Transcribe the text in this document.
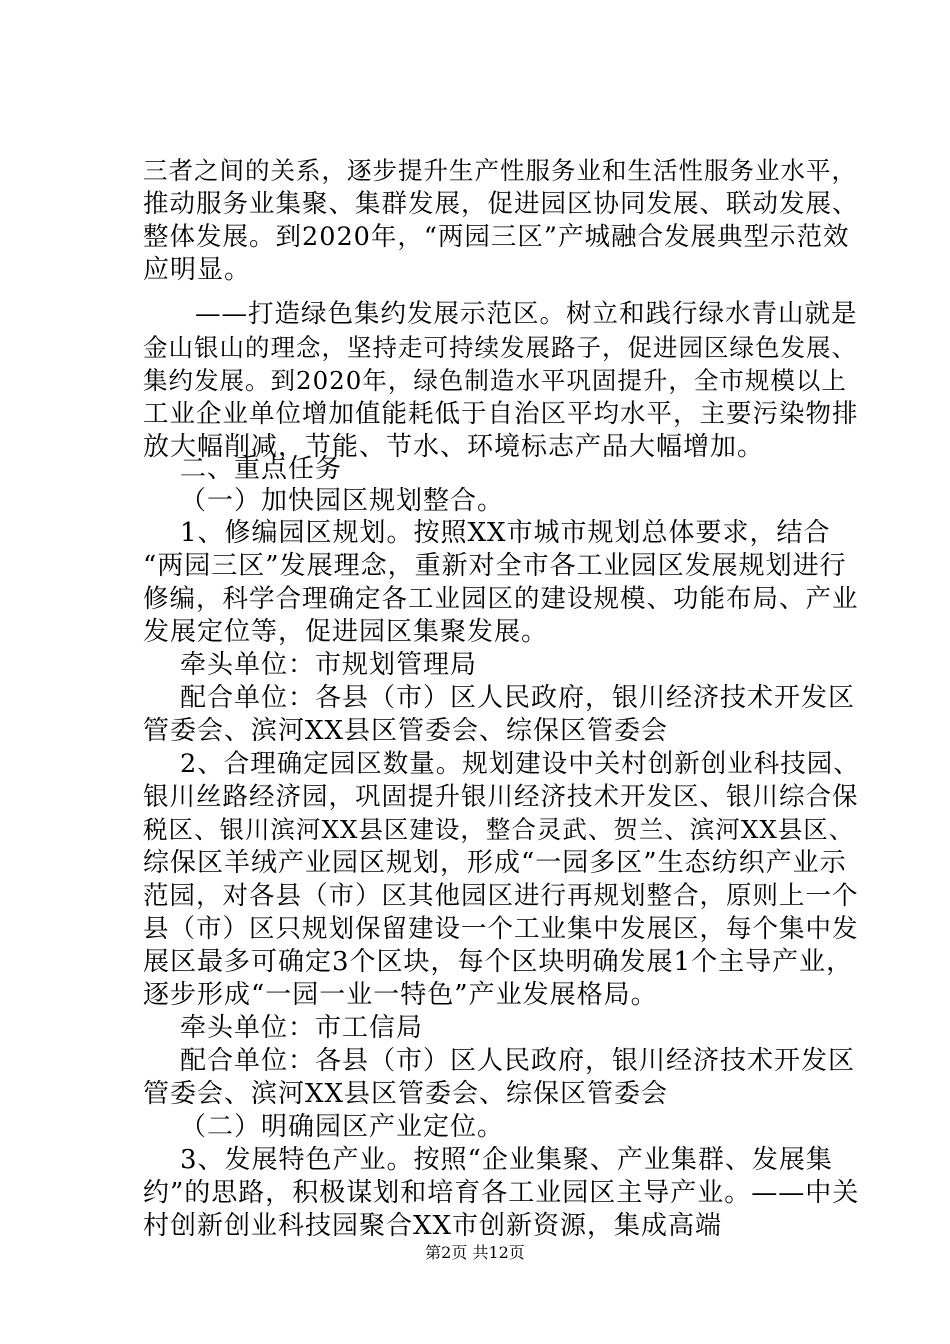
三者之间的关系，逐步提升生产性服务业和生活性服务业水平，
推动服务业集聚、集群发展，促进园区协同发展、联动发展、
整体发展。到2020年，“两园三区”产城融合发展典型示范效
应明显。
——打造绿色集约发展示范区。树立和践行绿水青山就是
金山银山的理念，坚持走可持续发展路子，促进园区绿色发展、
集约发展。到2020年，绿色制造水平巩固提升，全市规模以上
工业企业单位增加值能耗低于自治区平均水平，主要污染物排
放大幅削减，节能、节水、环境标志产品大幅增加。
二、重点任务
（一）加快园区规划整合。
1、修编园区规划。按照XX市城市规划总体要求，结合
“两园三区”发展理念，重新对全市各工业园区发展规划进行
修编，科学合理确定各工业园区的建设规模、功能布局、产业
发展定位等，促进园区集聚发展。
牵头单位：市规划管理局
配合单位：各县（市）区人民政府，银川经济技术开发区
管委会、滨河XX县区管委会、综保区管委会
2、合理确定园区数量。规划建设中关村创新创业科技园、
银川丝路经济园，巩固提升银川经济技术开发区、银川综合保
税区、银川滨河XX县区建设，整合灵武、贺兰、滨河XX县区、
综保区羊绒产业园区规划，形成“一园多区”生态纺织产业示
范园，对各县（市）区其他园区进行再规划整合，原则上一个
县（市）区只规划保留建设一个工业集中发展区，每个集中发
展区最多可确定3个区块，每个区块明确发展1个主导产业，
逐步形成“一园一业一特色”产业发展格局。
牵头单位：市工信局
配合单位：各县（市）区人民政府，银川经济技术开发区
管委会、滨河XX县区管委会、综保区管委会
（二）明确园区产业定位。
3、发展特色产业。按照“企业集聚、产业集群、发展集
约”的思路，积极谋划和培育各工业园区主导产业。——中关
村创新创业科技园聚合XX市创新资源，集成高端
第2页 共12页
